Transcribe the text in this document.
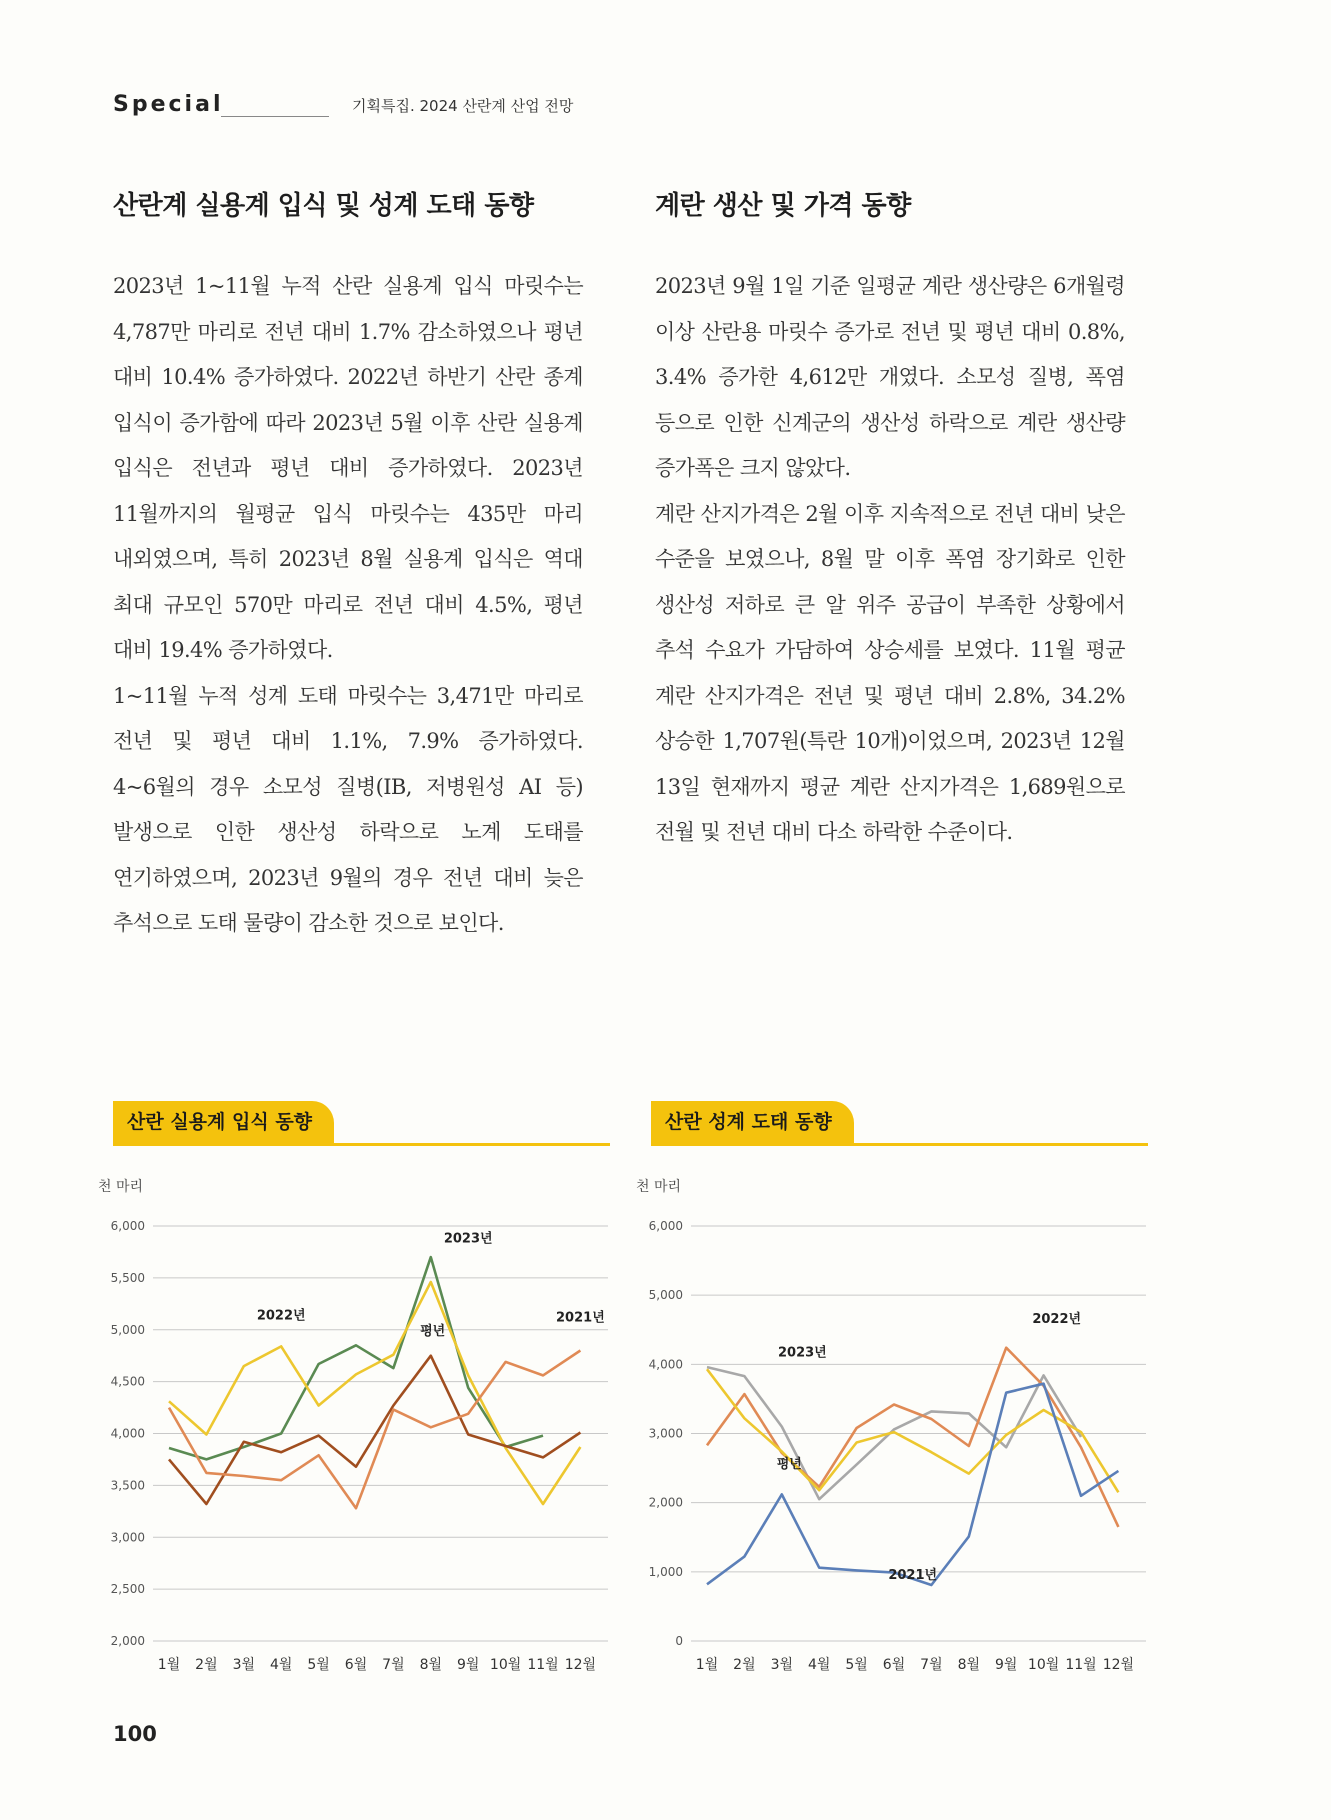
Special	기획특집. 2024 산란계 산업 전망
산란계 실용계 입식 및 성계 도태 동향

2023년 1~11월 누적 산란 실용계 입식 마릿수는 4,787만 마리로 전년 대비 1.7% 감소하였으나 평년 대비 10.4% 증가하였다. 2022년 하반기 산란 종계 입식이 증가함에 따라 2023년 5월 이후 산란 실용계 입식은 전년과 평년 대비 증가하였다. 2023년 11월까지의 월평균 입식 마릿수는 435만 마리 내외였으며, 특히 2023년 8월 실용계 입식은 역대 최대 규모인 570만 마리로 전년 대비 4.5%, 평년 대비 19.4% 증가하였다.

1~11월 누적 성계 도태 마릿수는 3,471만 마리로 전년 및 평년 대비 1.1%, 7.9% 증가하였다. 4~6월의 경우 소모성 질병(IB, 저병원성 AI 등) 발생으로 인한 생산성 하락으로 노계 도태를 연기하였으며, 2023년 9월의 경우 전년 대비 늦은 추석으로 도태 물량이 감소한 것으로 보인다.

계란 생산 및 가격 동향

2023년 9월 1일 기준 일평균 계란 생산량은 6개월령 이상 산란용 마릿수 증가로 전년 및 평년 대비 0.8%, 3.4% 증가한 4,612만 개였다. 소모성 질병, 폭염 등으로 인한 신계군의 생산성 하락으로 계란 생산량 증가폭은 크지 않았다.

계란 산지가격은 2월 이후 지속적으로 전년 대비 낮은 수준을 보였으나, 8월 말 이후 폭염 장기화로 인한 생산성 저하로 큰 알 위주 공급이 부족한 상황에서 추석 수요가 가담하여 상승세를 보였다. 11월 평균 계란 산지가격은 전년 및 평년 대비 2.8%, 34.2% 상승한 1,707원(특란 10개)이었으며, 2023년 12월 13일 현재까지 평균 계란 산지가격은 1,689원으로 전월 및 전년 대비 다소 하락한 수준이다.

산란 실용계 입식 동향
천 마리
2,000
2,500
3,000
3,500
4,000
4,500
5,000
5,500
6,000
1월 2월 3월 4월 5월 6월 7월 8월 9월 10월 11월 12월
2023년
2022년
평년
2021년
산란 성계 도태 동향
천 마리
0
1,000
2,000
3,000
4,000
5,000
6,000
1월 2월 3월 4월 5월 6월 7월 8월 9월 10월 11월 12월
2023년
2022년
평년
2021년
100
